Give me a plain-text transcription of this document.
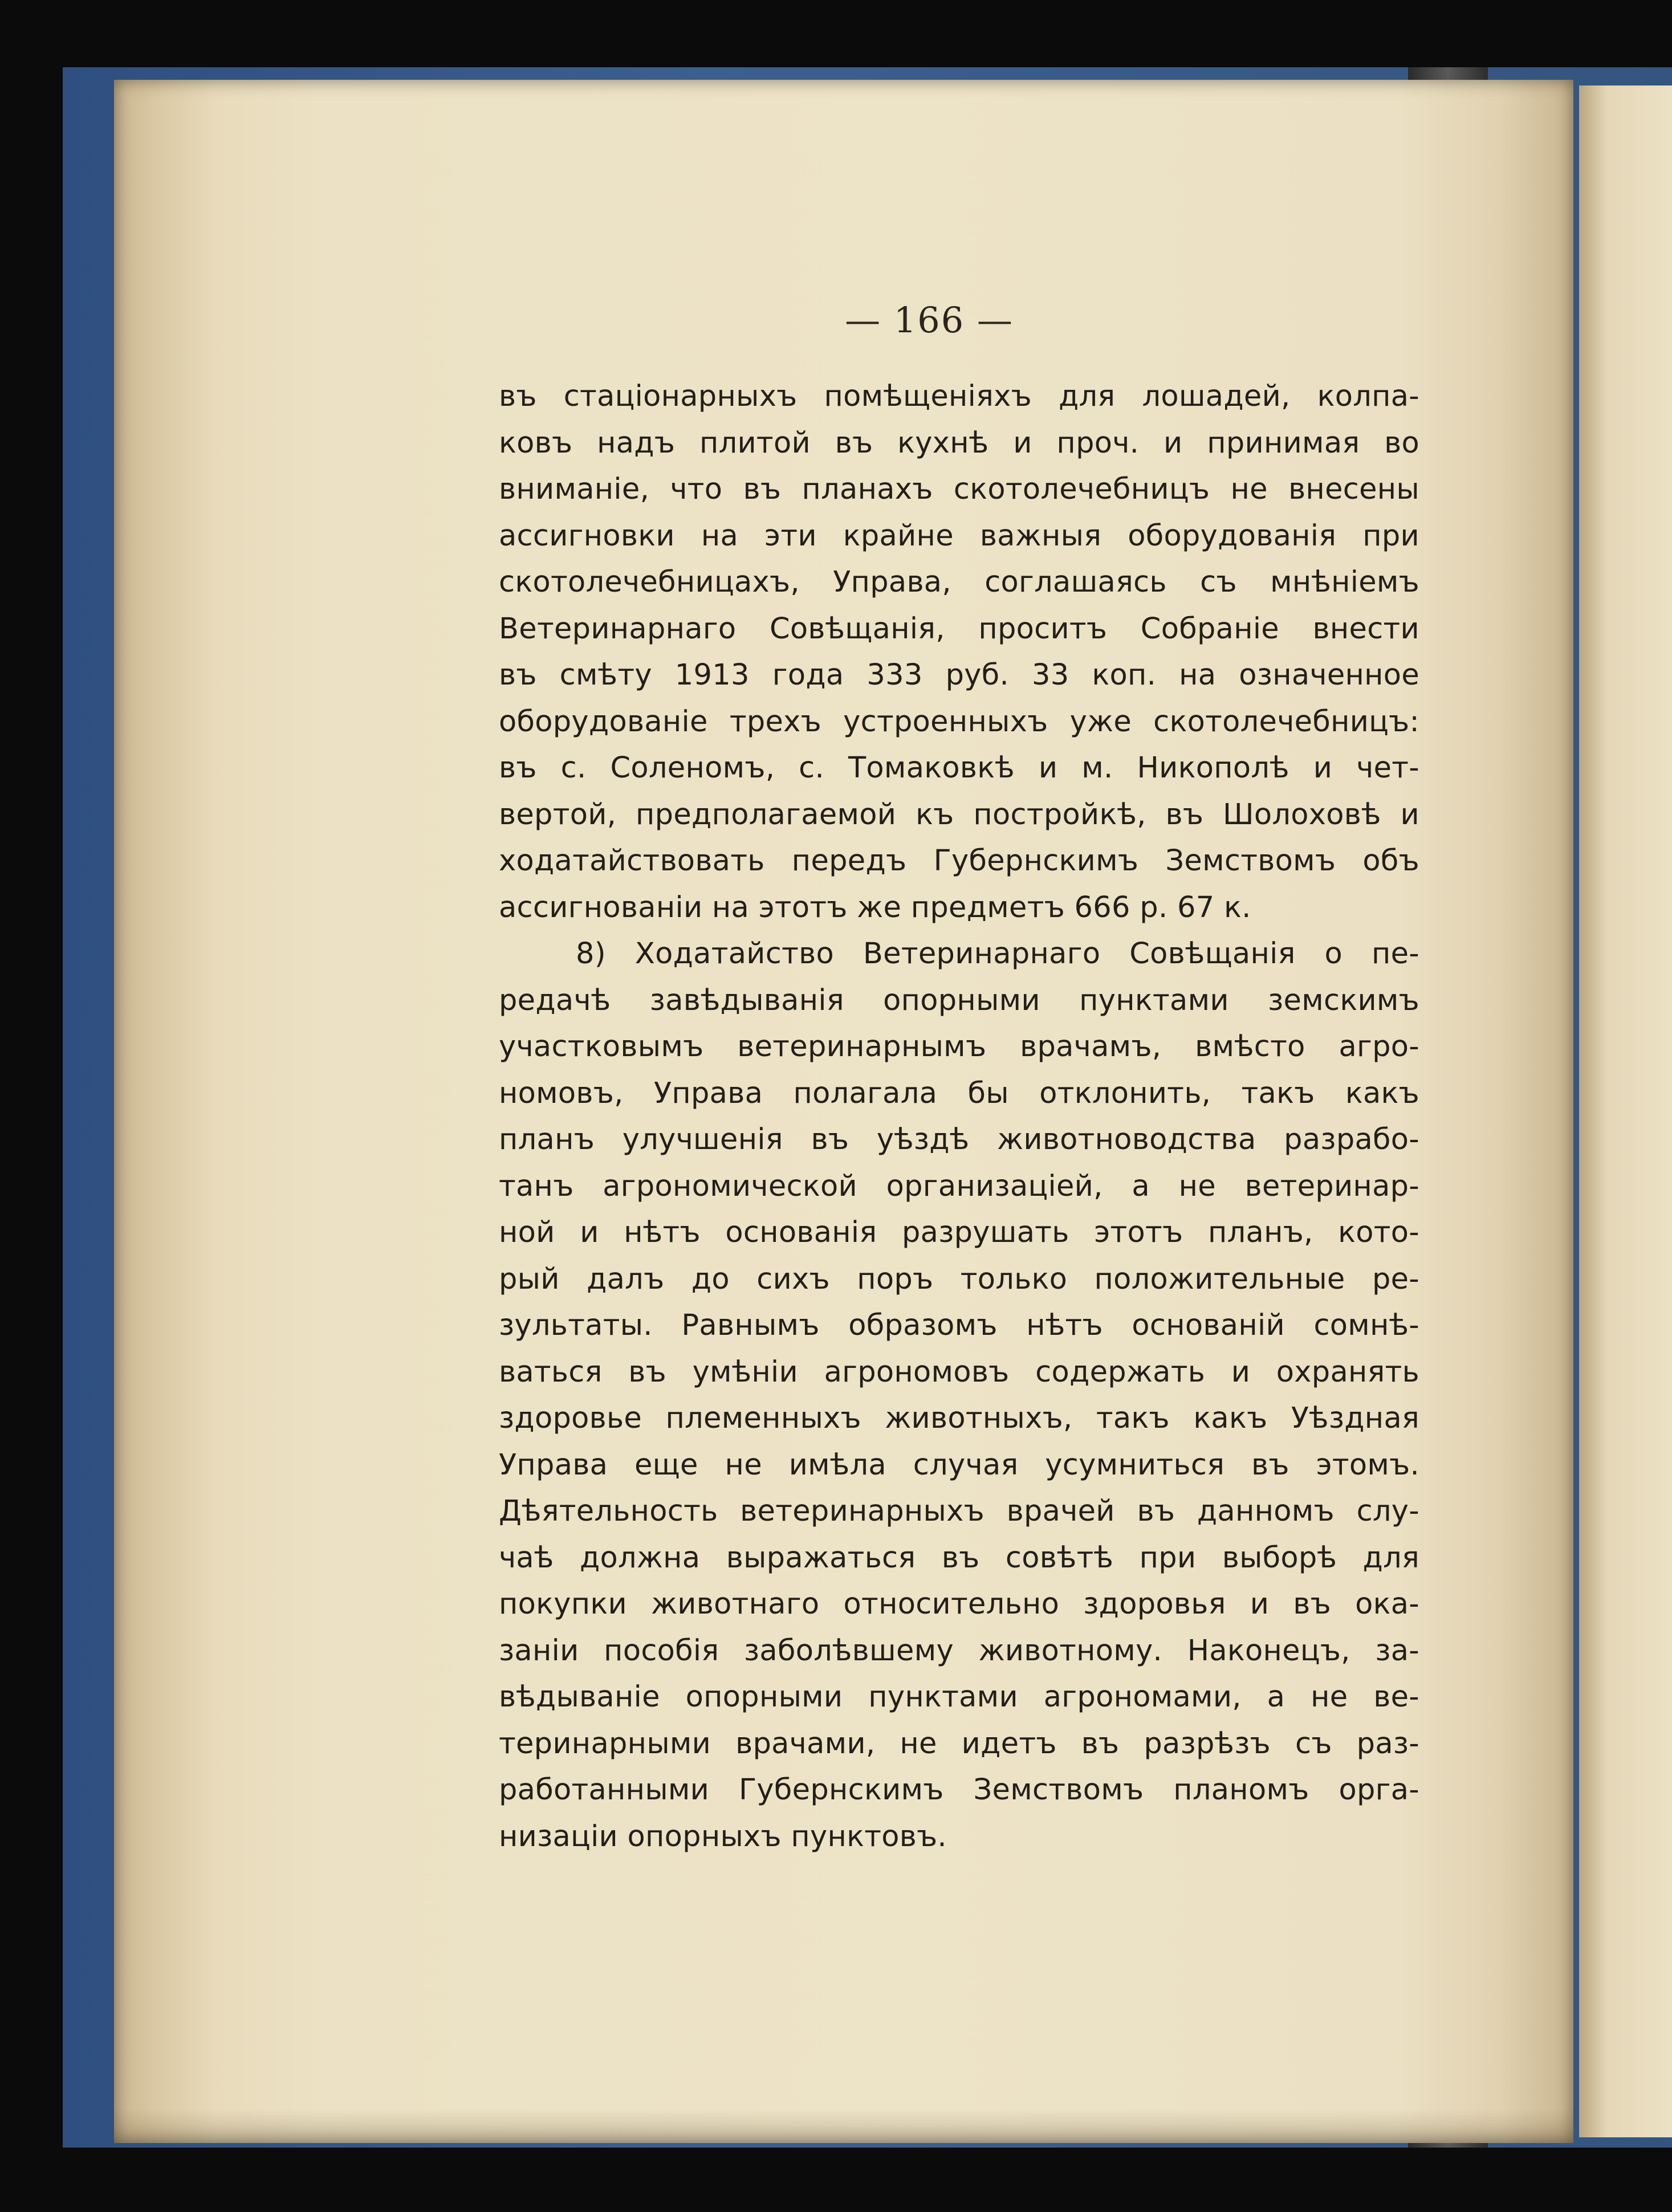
— 166 —
въ стаціонарныхъ помѣщеніяхъ для лошадей, колпа-
ковъ надъ плитой въ кухнѣ и проч. и принимая во
вниманіе, что въ планахъ скотолечебницъ не внесены
ассигновки на эти крайне важныя оборудованія при
скотолечебницахъ, Управа, соглашаясь съ мнѣніемъ
Ветеринарнаго Совѣщанія, проситъ Собраніе внести
въ смѣту 1913 года 333 руб. 33 коп. на означенное
оборудованіе трехъ устроенныхъ уже скотолечебницъ:
въ с. Соленомъ, с. Томаковкѣ и м. Никополѣ и чет-
вертой, предполагаемой къ постройкѣ, въ Шолоховѣ и
ходатайствовать передъ Губернскимъ Земствомъ объ
ассигнованіи на этотъ же предметъ 666 р. 67 к.
8) Ходатайство Ветеринарнаго Совѣщанія о пе-
редачѣ завѣдыванія опорными пунктами земскимъ
участковымъ ветеринарнымъ врачамъ, вмѣсто агро-
номовъ, Управа полагала бы отклонить, такъ какъ
планъ улучшенія въ уѣздѣ животноводства разрабо-
танъ агрономической организаціей, а не ветеринар-
ной и нѣтъ основанія разрушать этотъ планъ, кото-
рый далъ до сихъ поръ только положительные ре-
зультаты. Равнымъ образомъ нѣтъ основаній сомнѣ-
ваться въ умѣніи агрономовъ содержать и охранять
здоровье племенныхъ животныхъ, такъ какъ Уѣздная
Управа еще не имѣла случая усумниться въ этомъ.
Дѣятельность ветеринарныхъ врачей въ данномъ слу-
чаѣ должна выражаться въ совѣтѣ при выборѣ для
покупки животнаго относительно здоровья и въ ока-
заніи пособія заболѣвшему животному. Наконецъ, за-
вѣдываніе опорными пунктами агрономами, а не ве-
теринарными врачами, не идетъ въ разрѣзъ съ раз-
работанными Губернскимъ Земствомъ планомъ орга-
низаціи опорныхъ пунктовъ.
